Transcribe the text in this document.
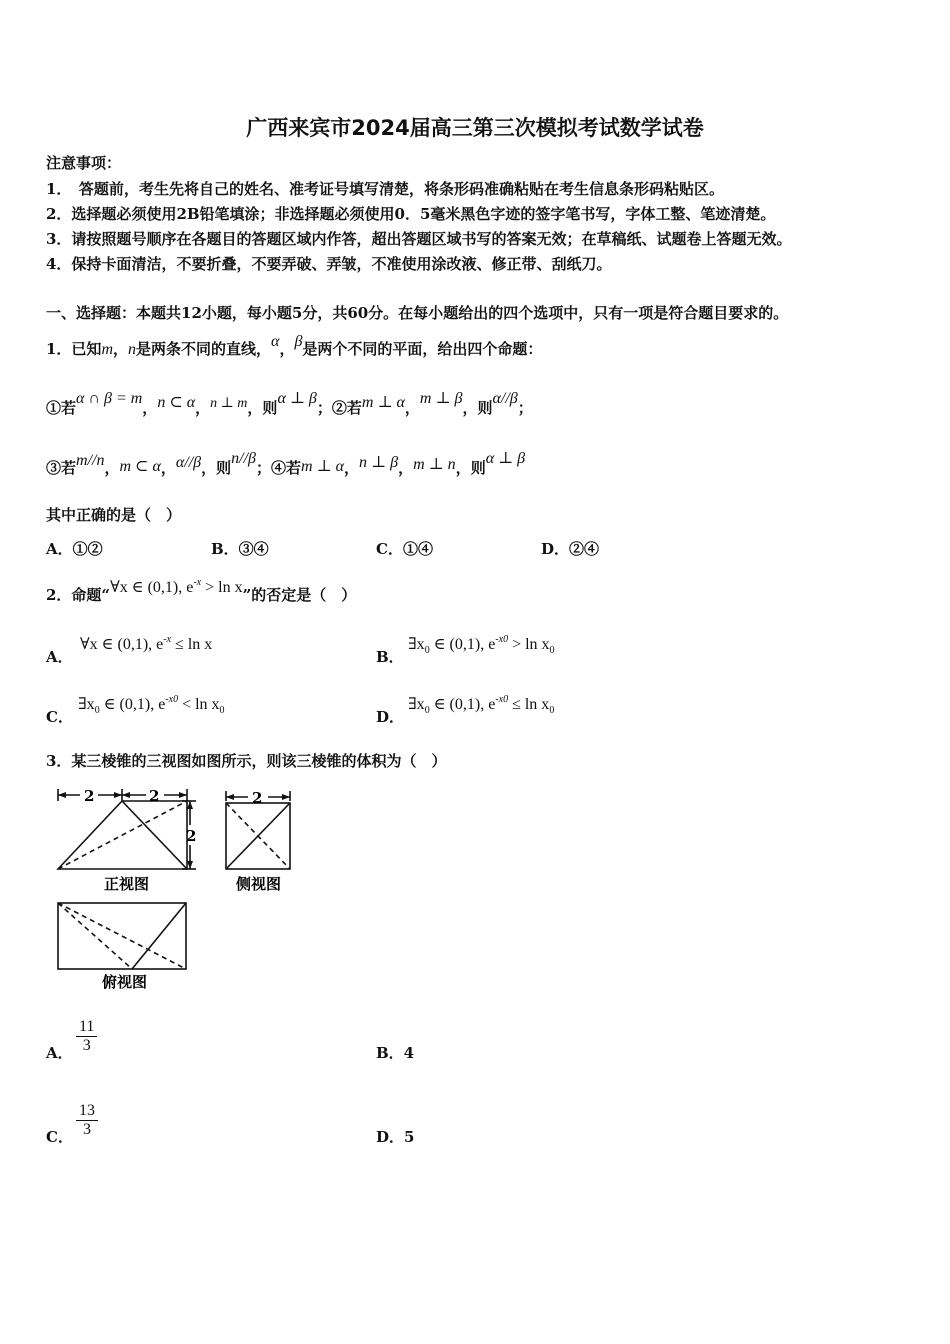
广西来宾市2024届高三第三次模拟考试数学试卷
注意事项：
1．　答题前，考生先将自己的姓名、准考证号填写清楚，将条形码准确粘贴在考生信息条形码粘贴区。
2．选择题必须使用2B铅笔填涂；非选择题必须使用0．5毫米黑色字迹的签字笔书写，字体工整、笔迹清楚。
3．请按照题号顺序在各题目的答题区域内作答，超出答题区域书写的答案无效；在草稿纸、试题卷上答题无效。
4．保持卡面清洁，不要折叠，不要弄破、弄皱，不准使用涂改液、修正带、刮纸刀。
一、选择题：本题共12小题，每小题5分，共60分。在每小题给出的四个选项中，只有一项是符合题目要求的。
1．已知m，n是两条不同的直线，α，β是两个不同的平面，给出四个命题：
①若α ∩ β = m，n ⊂ α，n ⊥ m，则α ⊥ β；②若m ⊥ α，m ⊥ β，则α//β；
③若m//n，m ⊂ α，α//β，则n//β；④若m ⊥ α，n ⊥ β，m ⊥ n，则α ⊥ β
其中正确的是（　）
A．①②	B．③④	C．①④	D．②④
2．命题“∀x ∈ (0,1), $e^{-x} > \ln x$”的否定是（　）
A．
∀x ∈ (0,1), $e^{-x} \le \ln x$
B．
$\exists x_0$ ∈ (0,1), $e^{-x0} > \ln x_0$
C．
$\exists x_0$ ∈ (0,1), $e^{-x0} < \ln x_0$	D．
$\exists x_0$ ∈ (0,1), $e^{-x0} \le \ln x_0$
3．某三棱锥的三视图如图所示，则该三棱锥的体积为（　）
2	2
2
2
正视图	侧视图
俯视图
A． $\frac{11}{3}$	B．4
C． $\frac{13}{3}$	D．5
